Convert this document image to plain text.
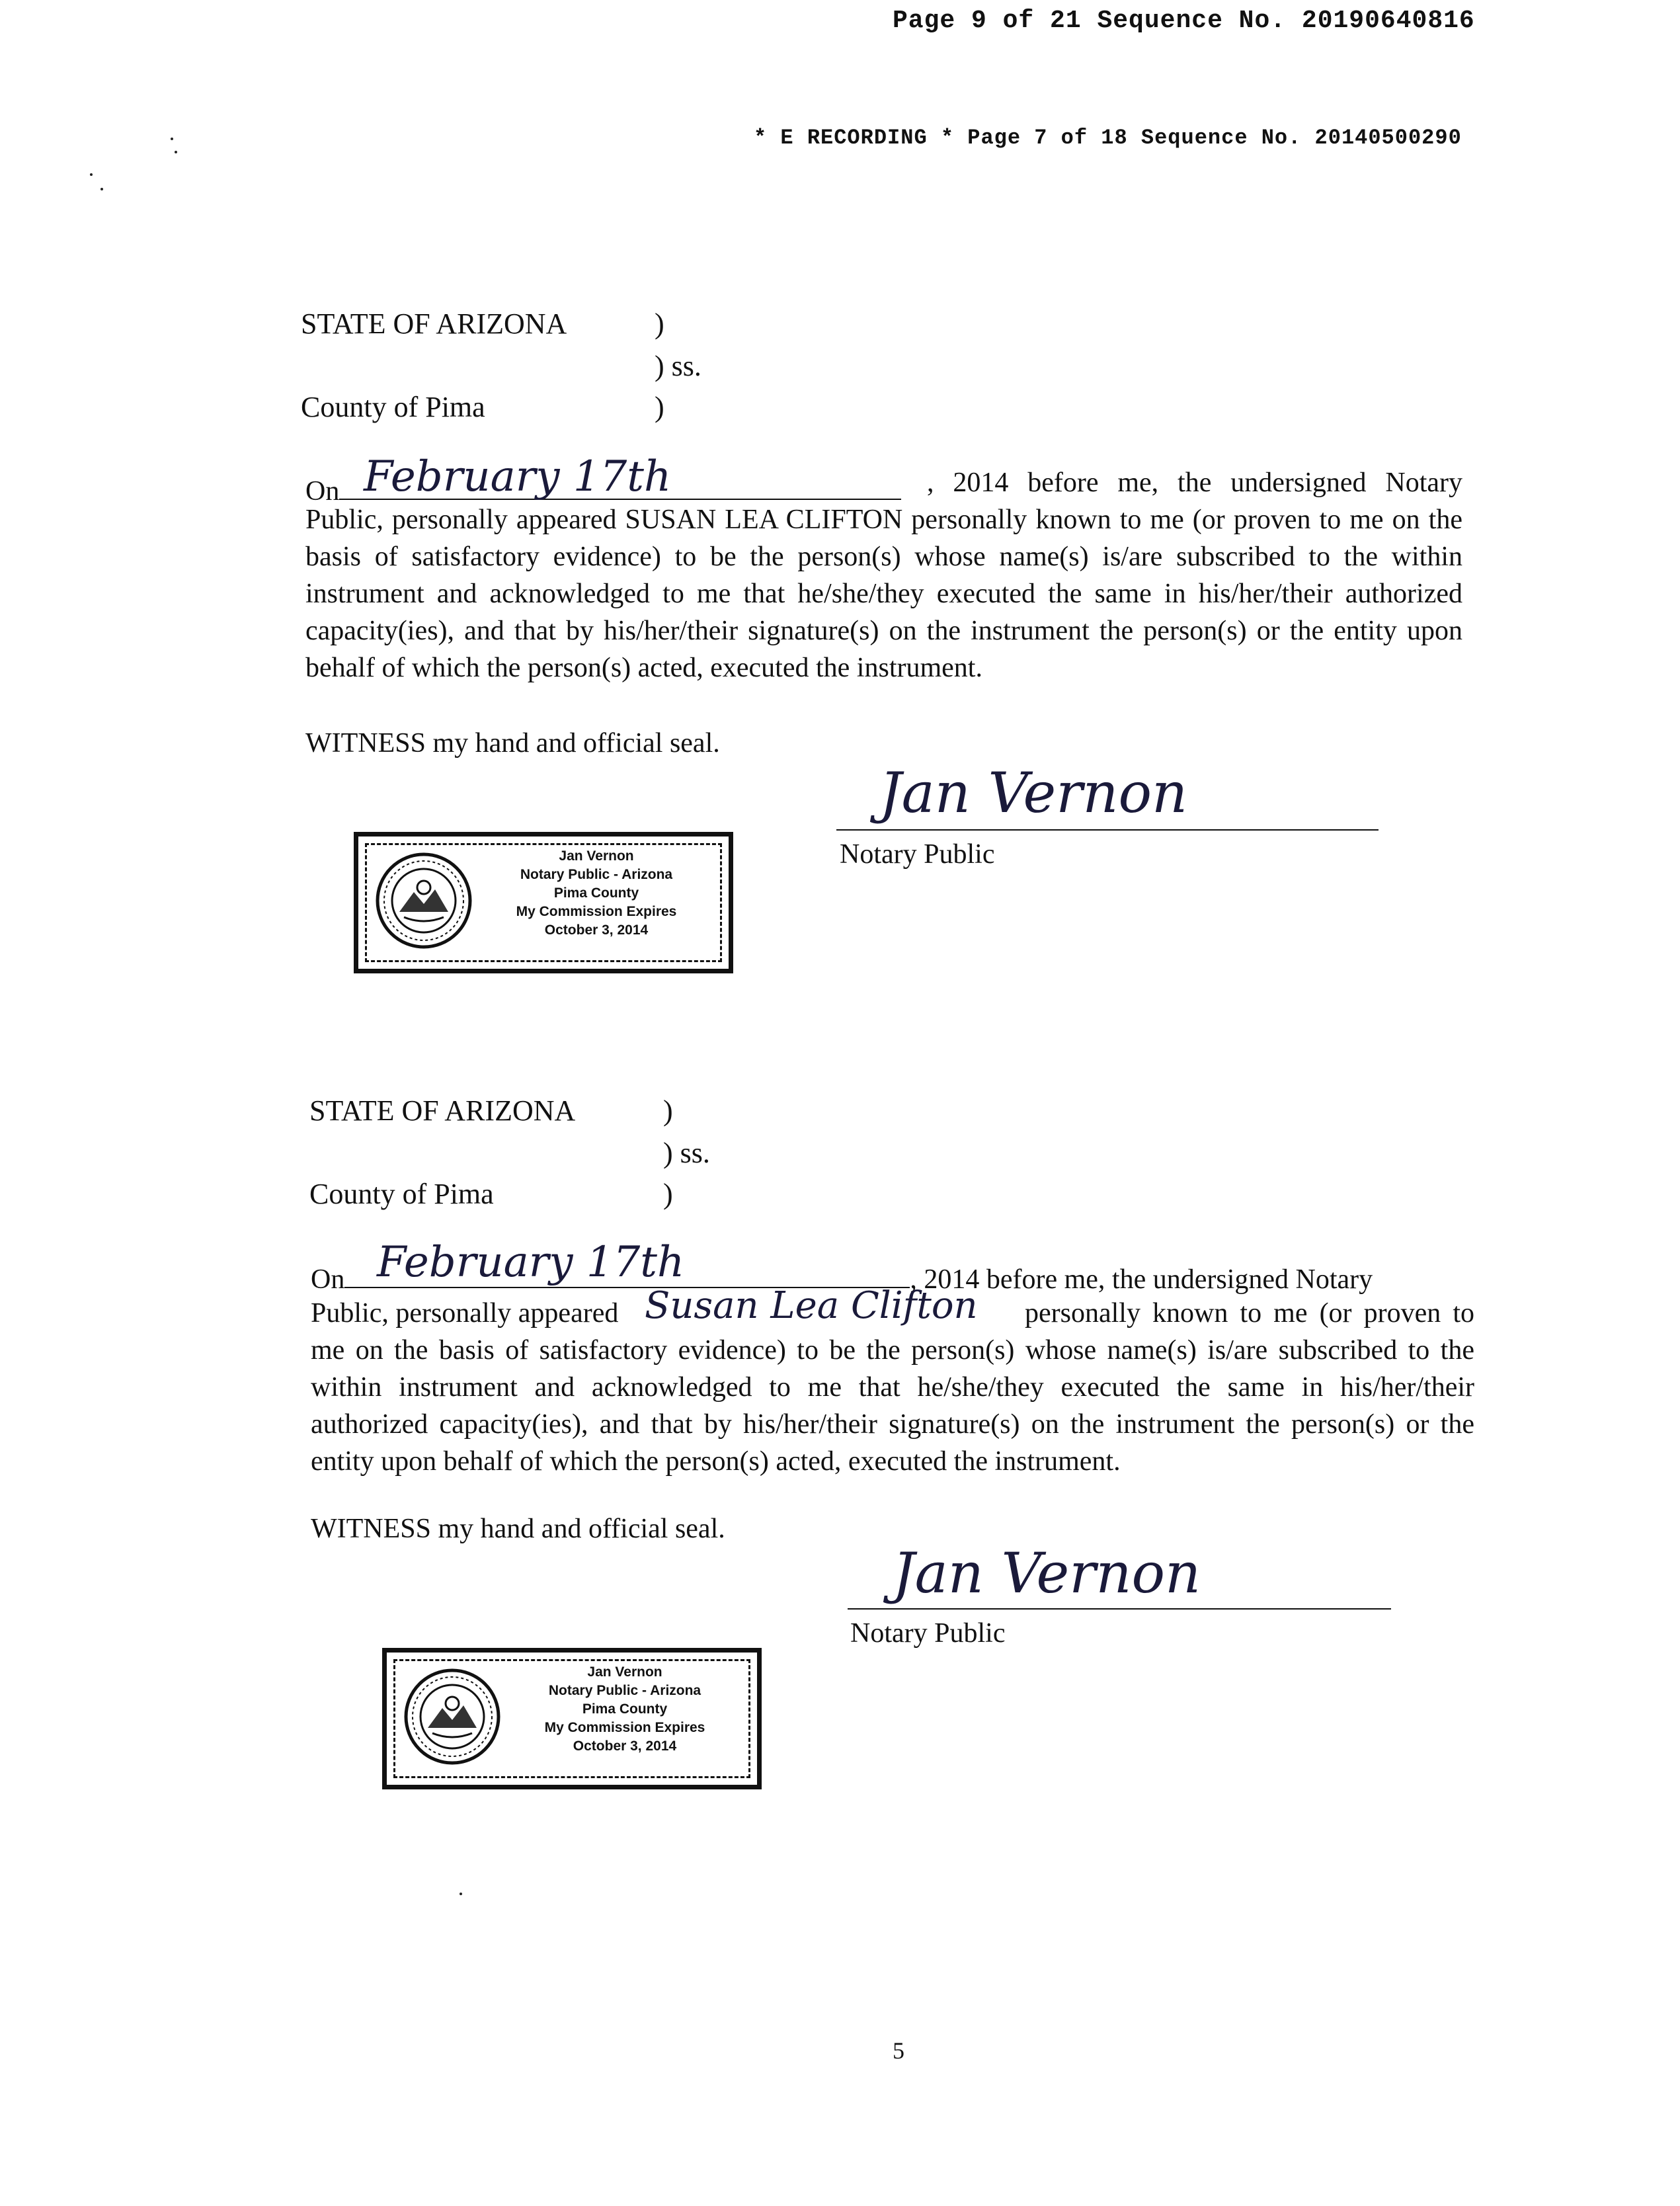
Page 9 of 21 Sequence No. 20190640816
* E RECORDING * Page 7 of 18 Sequence No. 20140500290
STATE OF ARIZONA	)
) ss.
County of Pima	)
On February 17th	, 2014 before me, the undersigned Notary Public, personally appeared SUSAN LEA CLIFTON personally known to me (or proven to me on the basis of satisfactory evidence) to be the person(s) whose name(s) is/are subscribed to the within instrument and acknowledged to me that he/she/they executed the same in his/her/their authorized capacity(ies), and that by his/her/their signature(s) on the instrument the person(s) or the entity upon behalf of which the person(s) acted, executed the instrument.
WITNESS my hand and official seal.
Jan Vernon
Notary Public
Jan Vernon
Notary Public - Arizona
Pima County
My Commission Expires
October 3, 2014
STATE OF ARIZONA	)
) ss.
County of Pima	)
On	, 2014 before me, the undersigned Notary
February 17th
Public, personally appeared Susan Lea Clifton	personally known to me (or proven to me on the basis of satisfactory evidence) to be the person(s) whose name(s) is/are subscribed to the within instrument and acknowledged to me that he/she/they executed the same in his/her/their authorized capacity(ies), and that by his/her/their signature(s) on the instrument the person(s) or the entity upon behalf of which the person(s) acted, executed the instrument.
WITNESS my hand and official seal.
Jan Vernon
Notary Public
Jan Vernon
Notary Public - Arizona
Pima County
My Commission Expires
October 3, 2014
5
